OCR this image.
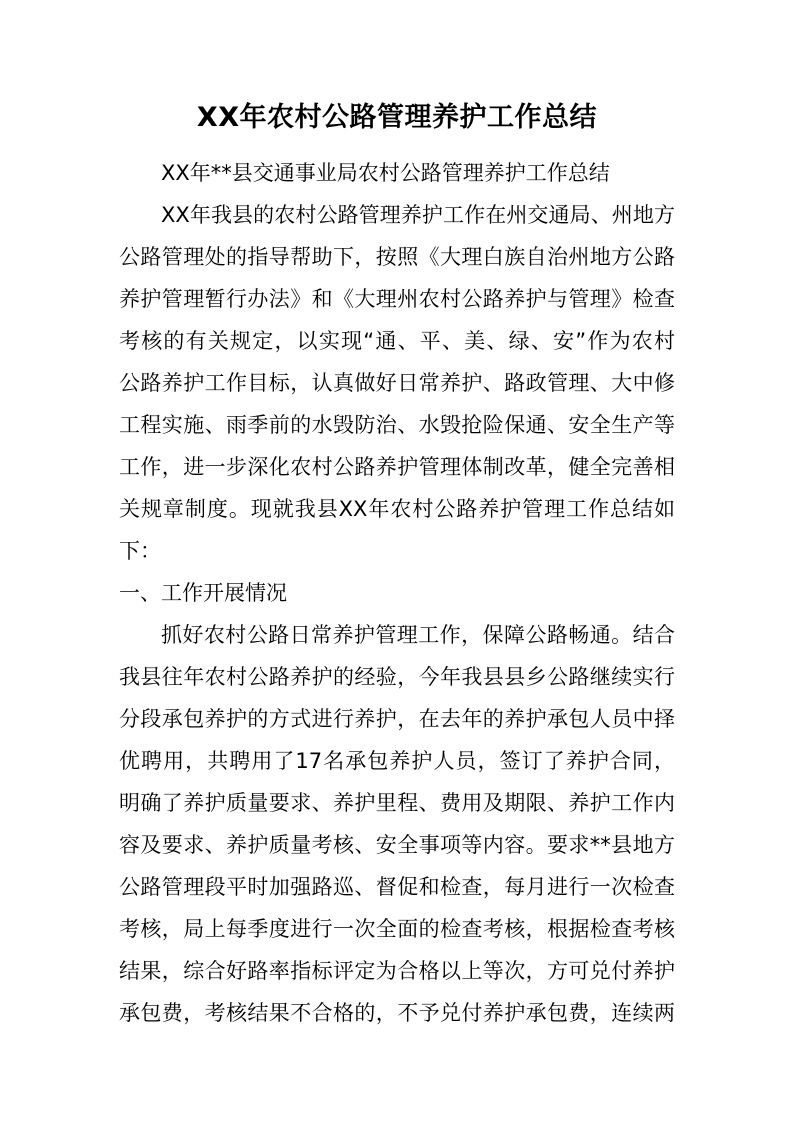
XX年农村公路管理养护工作总结
XX年**县交通事业局农村公路管理养护工作总结
XX年我县的农村公路管理养护工作在州交通局、州地方
公路管理处的指导帮助下，按照《大理白族自治州地方公路
养护管理暂行办法》和《大理州农村公路养护与管理》检查
考核的有关规定，以实现“通、平、美、绿、安”作为农村
公路养护工作目标，认真做好日常养护、路政管理、大中修
工程实施、雨季前的水毁防治、水毁抢险保通、安全生产等
工作，进一步深化农村公路养护管理体制改革，健全完善相
关规章制度。现就我县XX年农村公路养护管理工作总结如
下：
一、工作开展情况
抓好农村公路日常养护管理工作，保障公路畅通。结合
我县往年农村公路养护的经验，今年我县县乡公路继续实行
分段承包养护的方式进行养护，在去年的养护承包人员中择
优聘用，共聘用了17名承包养护人员，签订了养护合同，
明确了养护质量要求、养护里程、费用及期限、养护工作内
容及要求、养护质量考核、安全事项等内容。要求**县地方
公路管理段平时加强路巡、督促和检查，每月进行一次检查
考核，局上每季度进行一次全面的检查考核，根据检查考核
结果，综合好路率指标评定为合格以上等次，方可兑付养护
承包费，考核结果不合格的，不予兑付养护承包费，连续两
